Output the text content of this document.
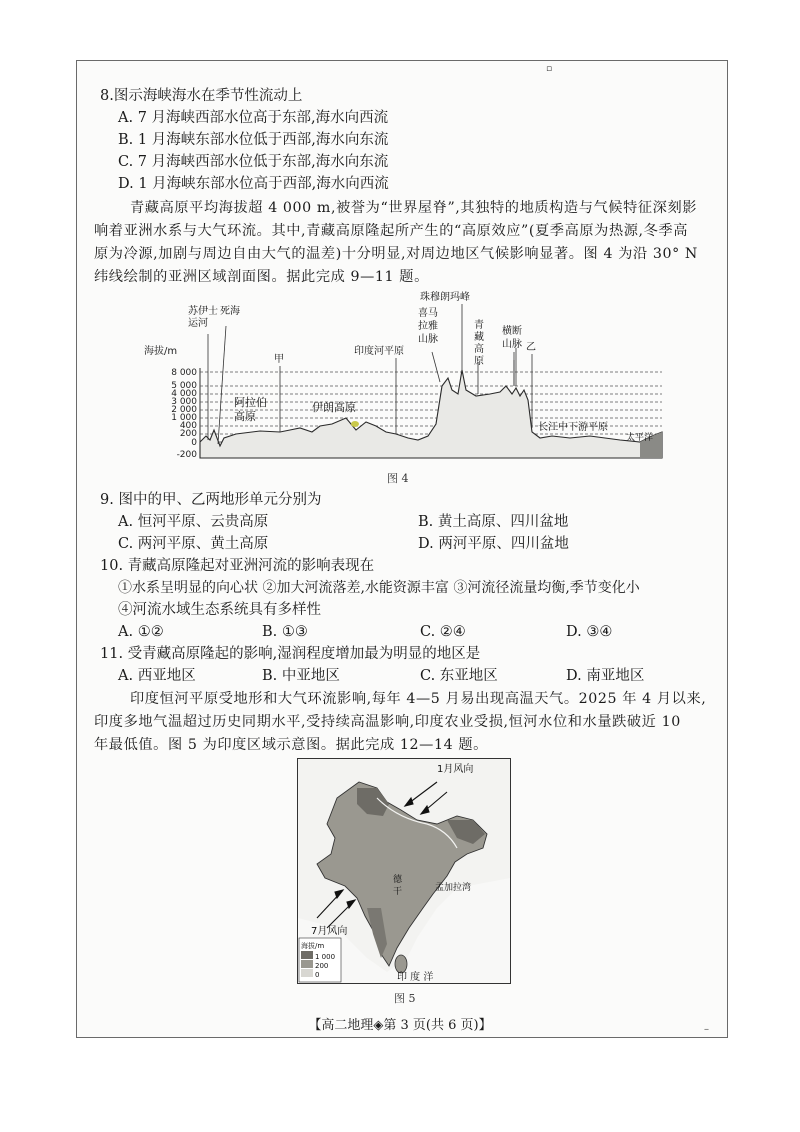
▫
8.图示海峡海水在季节性流动上
A. 7 月海峡西部水位高于东部,海水向西流
B. 1 月海峡东部水位低于西部,海水向东流
C. 7 月海峡西部水位低于东部,海水向东流
D. 1 月海峡东部水位高于西部,海水向西流
青藏高原平均海拔超 4 000 m,被誉为“世界屋脊”,其独特的地质构造与气候特征深刻影
响着亚洲水系与大气环流。其中,青藏高原隆起所产生的“高原效应”(夏季高原为热源,冬季高
原为冷源,加剧与周边自由大气的温差)十分明显,对周边地区气候影响显著。图 4 为沿 30° N
纬线绘制的亚洲区域剖面图。据此完成 9—11 题。
8 000
5 000
4 000
3 000
2 000
1 000
400
200
0
-200
海拔/m
苏伊士
运河
死海
甲
阿拉伯
高原
伊朗高原
印度河平原
珠穆朗玛峰
喜马
拉雅
山脉
青
藏
高
原
横断
山脉 乙
长江中下游平原
太平洋
图 4
9. 图中的甲、乙两地形单元分别为
A. 恒河平原、云贵高原	B. 黄土高原、四川盆地
C. 两河平原、黄土高原	D. 两河平原、四川盆地
10. 青藏高原隆起对亚洲河流的影响表现在
①水系呈明显的向心状 ②加大河流落差,水能资源丰富 ③河流径流量均衡,季节变化小
④河流水域生态系统具有多样性
A. ①②	B. ①③	C. ②④	D. ③④
11. 受青藏高原隆起的影响,湿润程度增加最为明显的地区是
A. 西亚地区	B. 中亚地区	C. 东亚地区	D. 南亚地区
印度恒河平原受地形和大气环流影响,每年 4—5 月易出现高温天气。2025 年 4 月以来,
印度多地气温超过历史同期水平,受持续高温影响,印度农业受损,恒河水位和水量跌破近 10
年最低值。图 5 为印度区域示意图。据此完成 12—14 题。
1月风向
7月风向
德
干	孟加拉湾
印 度 洋
海拔/m
1 000
200
0
图 5
【高二地理◈第 3 页(共 6 页)】	–
